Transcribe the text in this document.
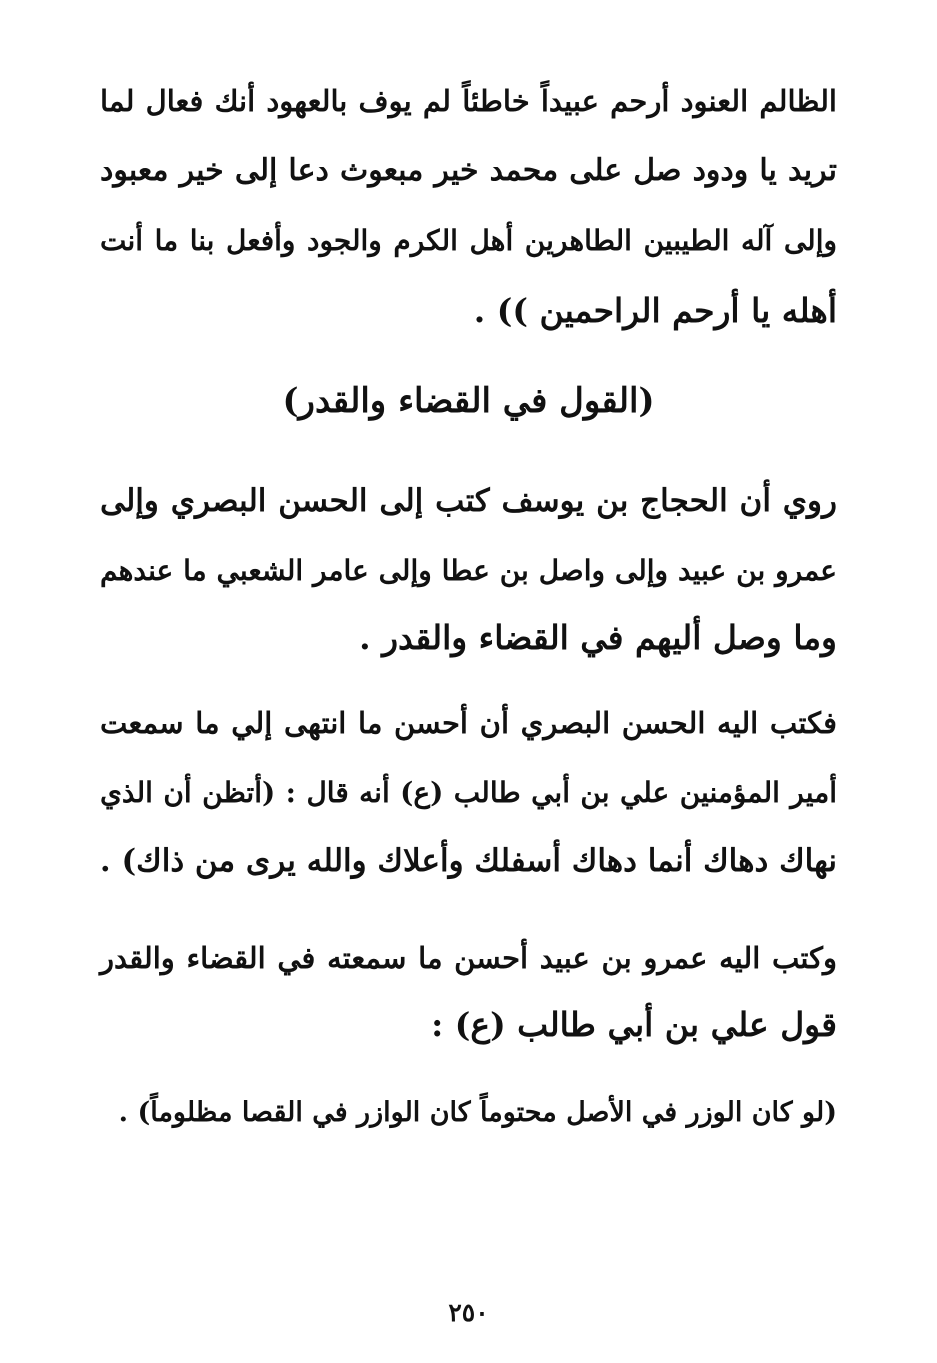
الظالم العنود أرحم عبيداً خاطئاً لم يوف بالعهود أنك فعال لما
تريد يا ودود صل على محمد خير مبعوث دعا إلى خير معبود
وإلى آله الطيبين الطاهرين أهل الكرم والجود وأفعل بنا ما أنت
أهله يا أرحم الراحمين )) .
(القول في القضاء والقدر)
روي أن الحجاج بن يوسف كتب إلى الحسن البصري وإلى
عمرو بن عبيد وإلى واصل بن عطا وإلى عامر الشعبي ما عندهم
وما وصل أليهم في القضاء والقدر .
فكتب اليه الحسن البصري أن أحسن ما انتهى إلي ما سمعت
أمير المؤمنين علي بن أبي طالب (ع) أنه قال : (أتظن أن الذي
نهاك دهاك أنما دهاك أسفلك وأعلاك والله يرى من ذاك) .
وكتب اليه عمرو بن عبيد أحسن ما سمعته في القضاء والقدر
قول علي بن أبي طالب (ع) :
(لو كان الوزر في الأصل محتوماً كان الوازر في القصا مظلوماً) .
٢٥٠
